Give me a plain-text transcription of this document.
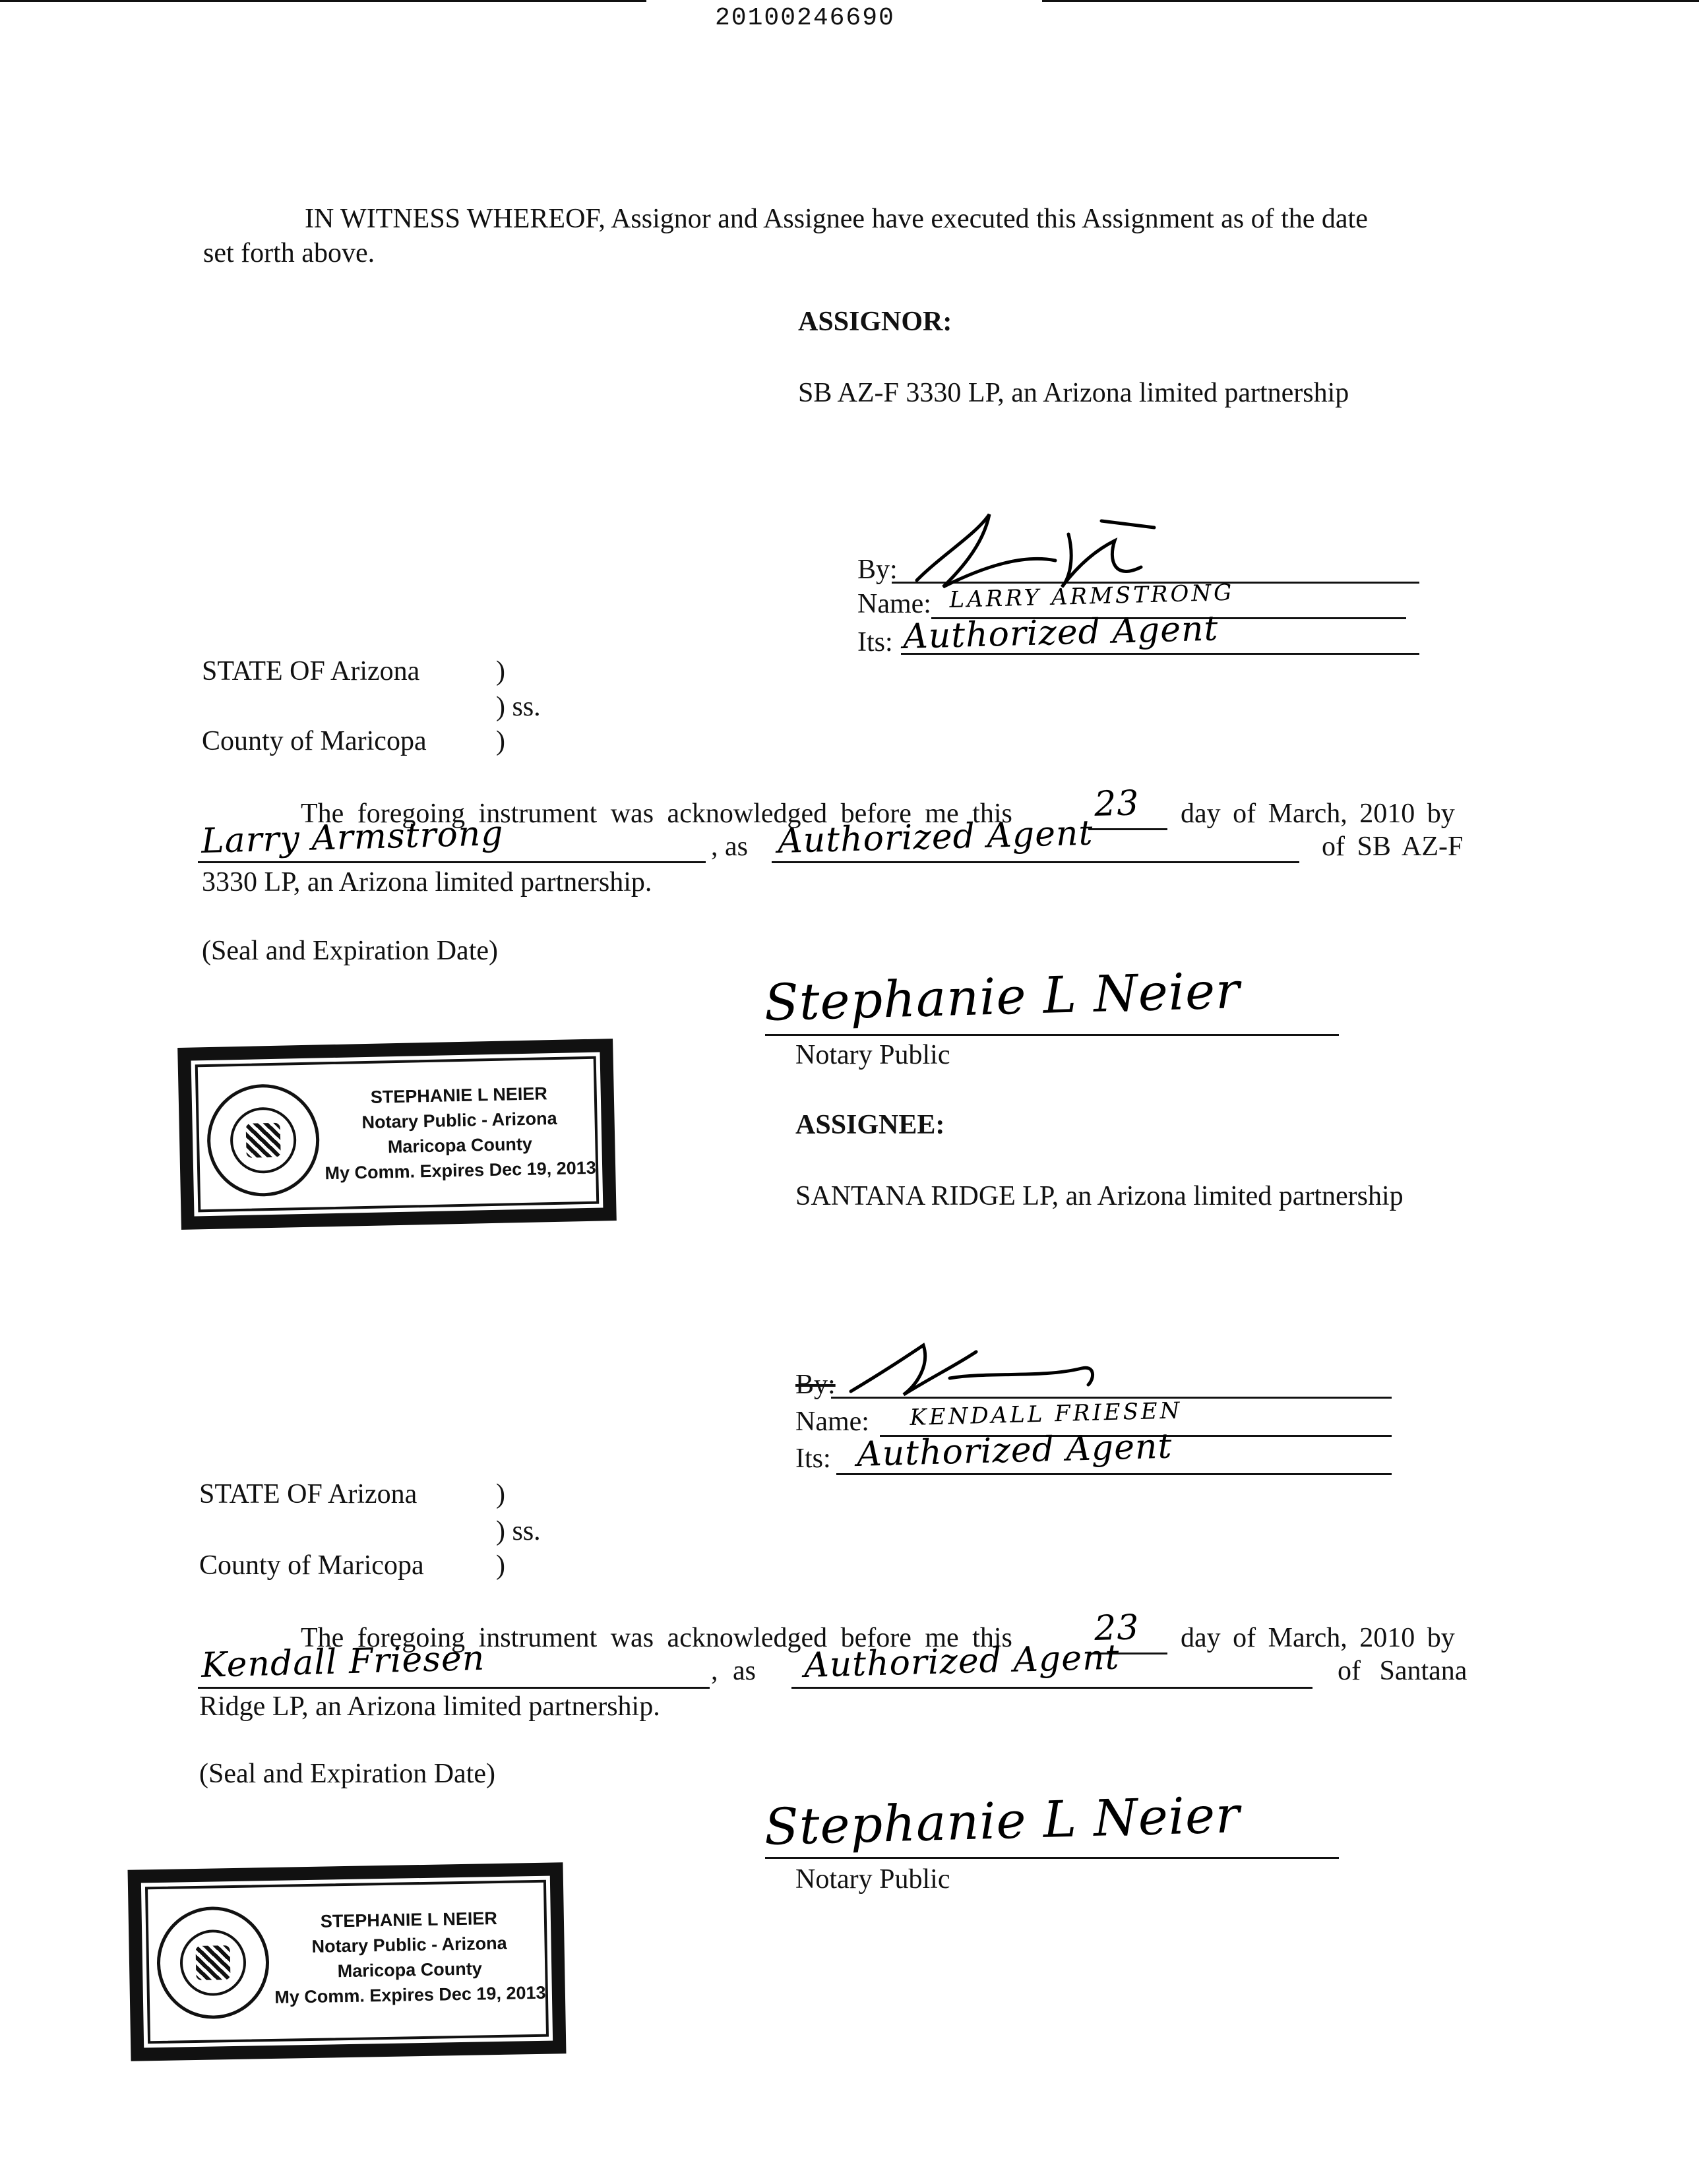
20100246690
IN WITNESS WHEREOF, Assignor and Assignee have executed this Assignment as of the date
set forth above.
ASSIGNOR:
SB AZ-F 3330 LP, an Arizona limited partnership
By:
Name: LARRY ARMSTRONG
Its: Authorized Agent
STATE OF Arizona	)
) ss.
County of Maricopa	)
The foregoing instrument was acknowledged before me this 23 day of March, 2010 by
Larry Armstrong	, as Authorized Agent	of SB AZ-F
3330 LP, an Arizona limited partnership.
(Seal and Expiration Date)
Stephanie L Neier
Notary Public
STEPHANIE L NEIER
Notary Public - Arizona
Maricopa County
My Comm. Expires Dec 19, 2013
ASSIGNEE:
SANTANA RIDGE LP, an Arizona limited partnership
By:
Name: KENDALL FRIESEN
Its: Authorized Agent
STATE OF Arizona	)
) ss.
County of Maricopa	)
The foregoing instrument was acknowledged before me this 23 day of March, 2010 by
Kendall Friesen	, as Authorized Agent	of Santana
Ridge LP, an Arizona limited partnership.
(Seal and Expiration Date)
Stephanie L Neier
Notary Public
STEPHANIE L NEIER
Notary Public - Arizona
Maricopa County
My Comm. Expires Dec 19, 2013
